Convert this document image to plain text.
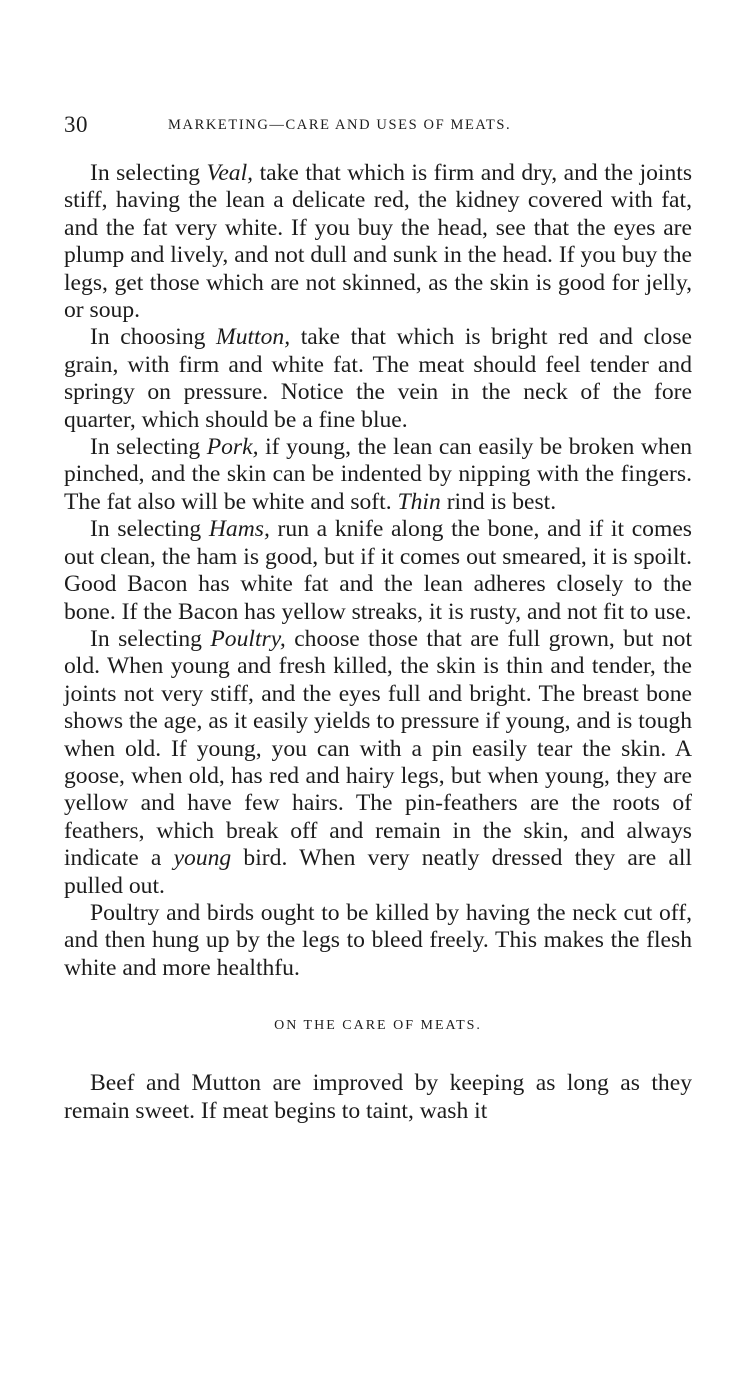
30	MARKETING—CARE AND USES OF MEATS.

In selecting Veal, take that which is firm and dry, and the joints stiff, having the lean a delicate red, the kidney covered with fat, and the fat very white. If you buy the head, see that the eyes are plump and lively, and not dull and sunk in the head. If you buy the legs, get those which are not skinned, as the skin is good for jelly, or soup.

In choosing Mutton, take that which is bright red and close grain, with firm and white fat. The meat should feel tender and springy on pressure. Notice the vein in the neck of the fore quarter, which should be a fine blue.

In selecting Pork, if young, the lean can easily be broken when pinched, and the skin can be indented by nipping with the fingers. The fat also will be white and soft. Thin rind is best.

In selecting Hams, run a knife along the bone, and if it comes out clean, the ham is good, but if it comes out smeared, it is spoilt. Good Bacon has white fat and the lean adheres closely to the bone. If the Bacon has yellow streaks, it is rusty, and not fit to use.

In selecting Poultry, choose those that are full grown, but not old. When young and fresh killed, the skin is thin and tender, the joints not very stiff, and the eyes full and bright. The breast bone shows the age, as it easily yields to pressure if young, and is tough when old. If young, you can with a pin easily tear the skin. A goose, when old, has red and hairy legs, but when young, they are yellow and have few hairs. The pin-feathers are the roots of feathers, which break off and remain in the skin, and always indicate a young bird. When very neatly dressed they are all pulled out.

Poultry and birds ought to be killed by having the neck cut off, and then hung up by the legs to bleed freely. This makes the flesh white and more healthfu.

ON THE CARE OF MEATS.

Beef and Mutton are improved by keeping as long as they remain sweet. If meat begins to taint, wash it
